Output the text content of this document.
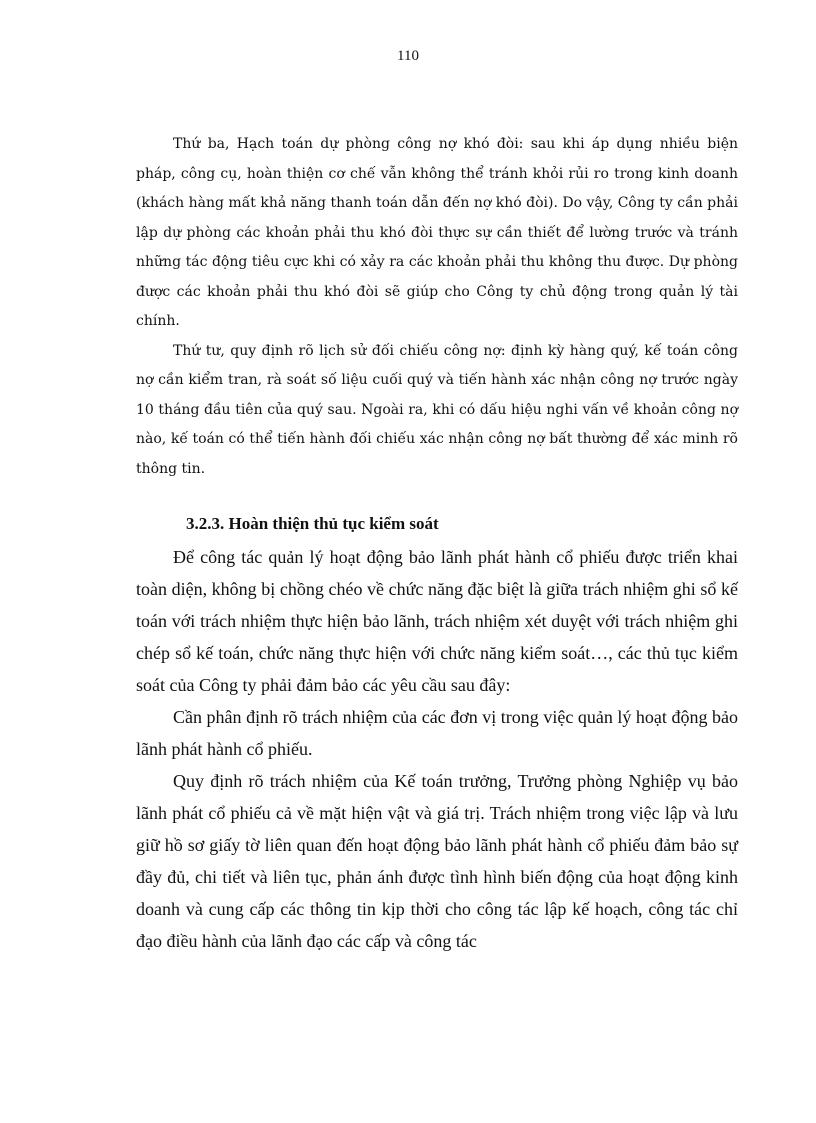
110

Thứ ba, Hạch toán dự phòng công nợ khó đòi: sau khi áp dụng nhiều biện pháp, công cụ, hoàn thiện cơ chế vẫn không thể tránh khỏi rủi ro trong kinh doanh (khách hàng mất khả năng thanh toán dẫn đến nợ khó đòi). Do vậy, Công ty cần phải lập dự phòng các khoản phải thu khó đòi thực sự cần thiết để lường trước và tránh những tác động tiêu cực khi có xảy ra các khoản phải thu không thu được. Dự phòng được các khoản phải thu khó đòi sẽ giúp cho Công ty chủ động trong quản lý tài chính.

Thứ tư, quy định rõ lịch sử đối chiếu công nợ: định kỳ hàng quý, kế toán công nợ cần kiểm tran, rà soát số liệu cuối quý và tiến hành xác nhận công nợ trước ngày 10 tháng đầu tiên của quý sau. Ngoài ra, khi có dấu hiệu nghi vấn về khoản công nợ nào, kế toán có thể tiến hành đối chiếu xác nhận công nợ bất thường để xác minh rõ thông tin.

3.2.3. Hoàn thiện thủ tục kiểm soát

Để công tác quản lý hoạt động bảo lãnh phát hành cổ phiếu được triển khai toàn diện, không bị chồng chéo về chức năng đặc biệt là giữa trách nhiệm ghi sổ kế toán với trách nhiệm thực hiện bảo lãnh, trách nhiệm xét duyệt với trách nhiệm ghi chép sổ kế toán, chức năng thực hiện với chức năng kiểm soát…, các thủ tục kiểm soát của Công ty phải đảm bảo các yêu cầu sau đây:

Cần phân định rõ trách nhiệm của các đơn vị trong việc quản lý hoạt động bảo lãnh phát hành cổ phiếu.

Quy định rõ trách nhiệm của Kế toán trưởng, Trưởng phòng Nghiệp vụ bảo lãnh phát cổ phiếu cả về mặt hiện vật và giá trị. Trách nhiệm trong việc lập và lưu giữ hồ sơ giấy tờ liên quan đến hoạt động bảo lãnh phát hành cổ phiếu đảm bảo sự đầy đủ, chi tiết và liên tục, phản ánh được tình hình biến động của hoạt động kinh doanh và cung cấp các thông tin kịp thời cho công tác lập kế hoạch, công tác chỉ đạo điều hành của lãnh đạo các cấp và công tác
